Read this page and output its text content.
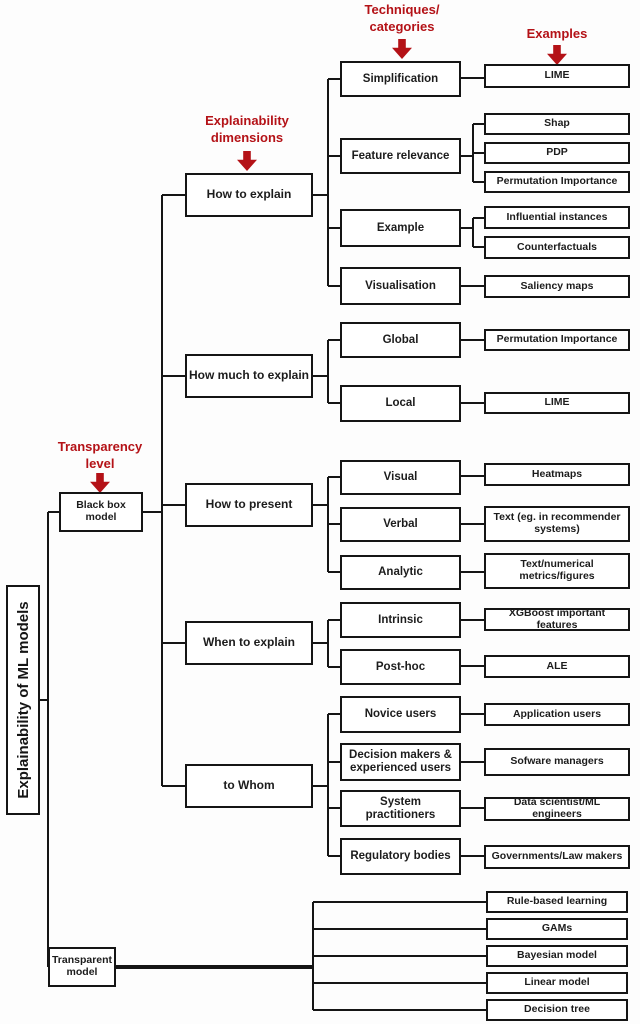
Transparency
level
Explainability
dimensions
Techniques/
categories	Examples
Explainability of ML models
Black box model
Transparent model
How to explain
How much to explain
How to present
When to explain
to Whom
Simplification
Feature relevance
Example
Visualisation
Global
Local
Visual
Verbal
Analytic
Intrinsic
Post-hoc
Novice users
Decision makers & experienced users
System practitioners
Regulatory bodies
LIME
Shap
PDP
Permutation Importance
Influential instances
Counterfactuals
Saliency maps
Permutation Importance
LIME
Heatmaps
Text (eg. in recommender systems)
Text/numerical metrics/figures
XGBoost important features
ALE
Application users
Sofware managers
Data scientist/ML engineers
Governments/Law makers
Rule-based learning
GAMs
Bayesian model
Linear model
Decision tree
